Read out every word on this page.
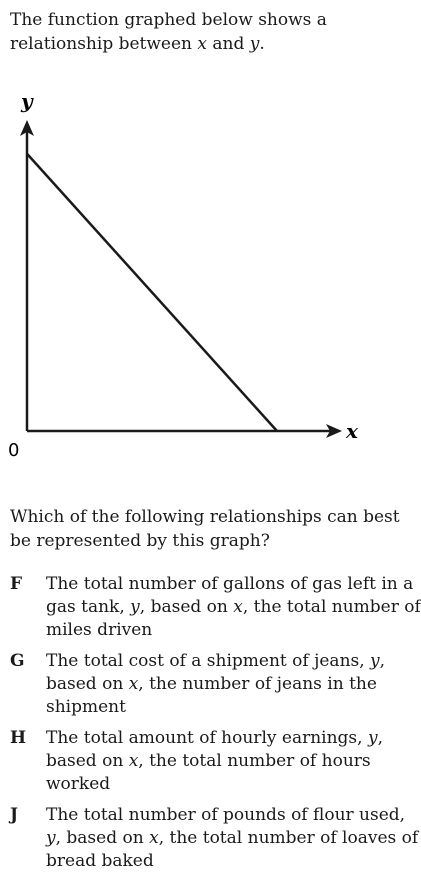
The function graphed below shows a relationship between x and y.

y
x
0

Which of the following relationships can best be represented by this graph?

F	The total number of gallons of gas left in a gas tank, y, based on x, the total number of miles driven
G	The total cost of a shipment of jeans, y, based on x, the number of jeans in the shipment
H	The total amount of hourly earnings, y, based on x, the total number of hours worked
J	The total number of pounds of flour used, y, based on x, the total number of loaves of bread baked
